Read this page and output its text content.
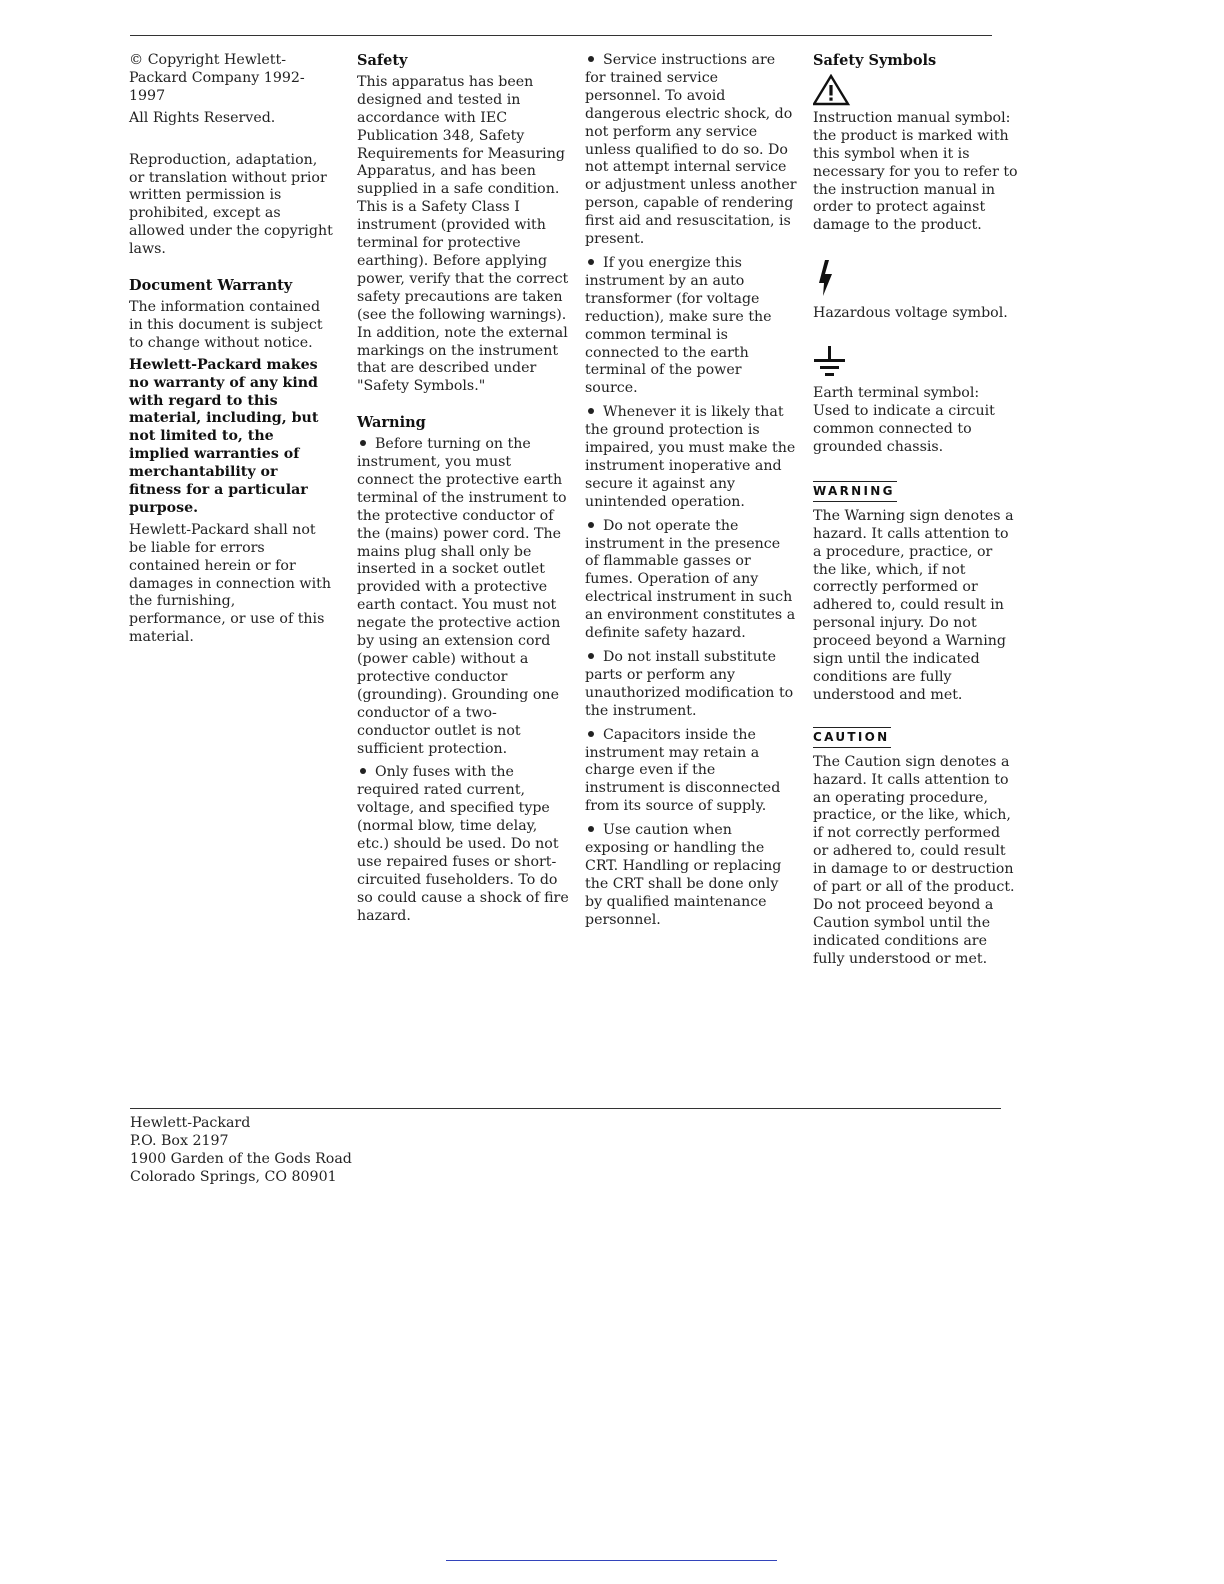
© Copyright Hewlett-Packard Company 1992-1997

All Rights Reserved.

Reproduction, adaptation, or translation without prior written permission is prohibited, except as allowed under the copyright laws.

Document Warranty

The information contained in this document is subject to change without notice.

Hewlett-Packard makes no warranty of any kind with regard to this material, including, but not limited to, the implied warranties of merchantability or fitness for a particular purpose.

Hewlett-Packard shall not be liable for errors contained herein or for damages in connection with the furnishing, performance, or use of this material.

Safety

This apparatus has been designed and tested in accordance with IEC Publication 348, Safety Requirements for Measuring Apparatus, and has been supplied in a safe condition. This is a Safety Class I instrument (provided with terminal for protective earthing). Before applying power, verify that the correct safety precautions are taken (see the following warnings). In addition, note the external markings on the instrument that are described under "Safety Symbols."

Warning

Before turning on the instrument, you must connect the protective earth terminal of the instrument to the protective conductor of the (mains) power cord. The mains plug shall only be inserted in a socket outlet provided with a protective earth contact. You must not negate the protective action by using an extension cord (power cable) without a protective conductor (grounding). Grounding one conductor of a two-conductor outlet is not sufficient protection.

Only fuses with the required rated current, voltage, and specified type (normal blow, time delay, etc.) should be used. Do not use repaired fuses or short-circuited fuseholders. To do so could cause a shock of fire hazard.

Service instructions are for trained service personnel. To avoid dangerous electric shock, do not perform any service unless qualified to do so. Do not attempt internal service or adjustment unless another person, capable of rendering first aid and resuscitation, is present.

If you energize this instrument by an auto transformer (for voltage reduction), make sure the common terminal is connected to the earth terminal of the power source.

Whenever it is likely that the ground protection is impaired, you must make the instrument inoperative and secure it against any unintended operation.

Do not operate the instrument in the presence of flammable gasses or fumes. Operation of any electrical instrument in such an environment constitutes a definite safety hazard.

Do not install substitute parts or perform any unauthorized modification to the instrument.

Capacitors inside the instrument may retain a charge even if the instrument is disconnected from its source of supply.

Use caution when exposing or handling the CRT. Handling or replacing the CRT shall be done only by qualified maintenance personnel.

Safety Symbols

Instruction manual symbol: the product is marked with this symbol when it is necessary for you to refer to the instruction manual in order to protect against damage to the product.

Hazardous voltage symbol.

Earth terminal symbol: Used to indicate a circuit common connected to grounded chassis.

WARNING

The Warning sign denotes a hazard. It calls attention to a procedure, practice, or the like, which, if not correctly performed or adhered to, could result in personal injury. Do not proceed beyond a Warning sign until the indicated conditions are fully understood and met.

CAUTION

The Caution sign denotes a hazard. It calls attention to an operating procedure, practice, or the like, which, if not correctly performed or adhered to, could result in damage to or destruction of part or all of the product. Do not proceed beyond a Caution symbol until the indicated conditions are fully understood or met.

Hewlett-Packard
P.O. Box 2197
1900 Garden of the Gods Road
Colorado Springs, CO 80901
